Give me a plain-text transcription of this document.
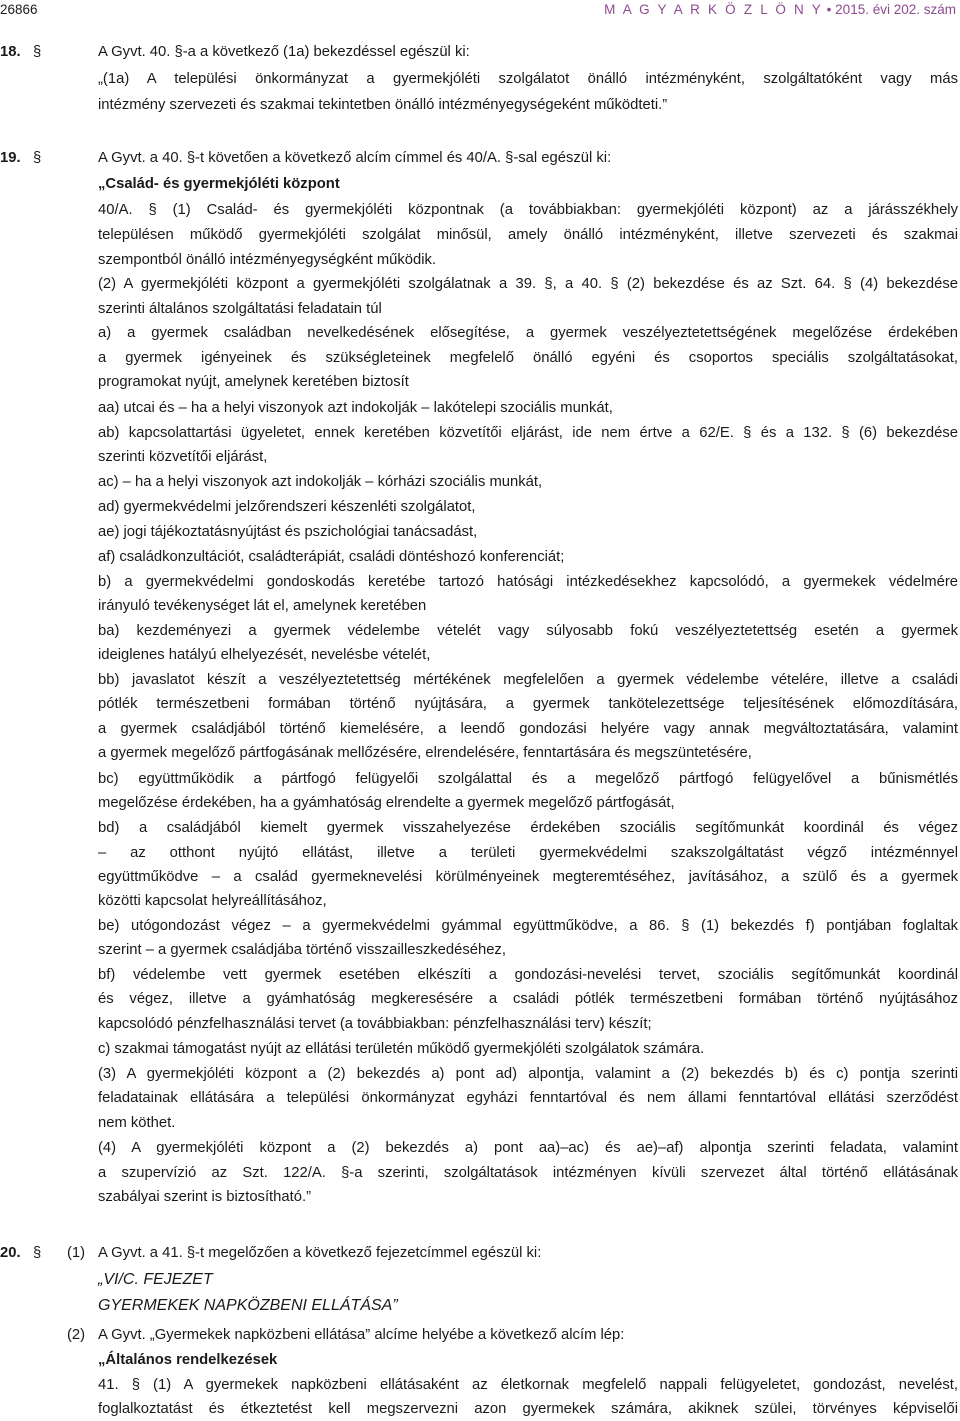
26866	M A G Y A R K Ö Z L Ö N Y • 2015. évi 202. szám
18. §
19. §
20. § (1)
(2)
A Gyvt. 40. §-a a következő (1a) bekezdéssel egészül ki:
„(1a) A települési önkormányzat a gyermekjóléti szolgálatot önálló intézményként, szolgáltatóként vagy más
intézmény szervezeti és szakmai tekintetben önálló intézményegységeként működteti.”
A Gyvt. a 40. §-t követően a következő alcím címmel és 40/A. §-sal egészül ki:
„Család- és gyermekjóléti központ
40/A. § (1) Család- és gyermekjóléti központnak (a továbbiakban: gyermekjóléti központ) az a járásszékhely
településen működő gyermekjóléti szolgálat minősül, amely önálló intézményként, illetve szervezeti és szakmai
szempontból önálló intézményegységként működik.
(2) A gyermekjóléti központ a gyermekjóléti szolgálatnak a 39. §, a 40. § (2) bekezdése és az Szt. 64. § (4) bekezdése
szerinti általános szolgáltatási feladatain túl
a) a gyermek családban nevelkedésének elősegítése, a gyermek veszélyeztetettségének megelőzése érdekében
a gyermek igényeinek és szükségleteinek megfelelő önálló egyéni és csoportos speciális szolgáltatásokat,
programokat nyújt, amelynek keretében biztosít
aa) utcai és – ha a helyi viszonyok azt indokolják – lakótelepi szociális munkát,
ab) kapcsolattartási ügyeletet, ennek keretében közvetítői eljárást, ide nem értve a 62/E. § és a 132. § (6) bekezdése
szerinti közvetítői eljárást,
ac) – ha a helyi viszonyok azt indokolják – kórházi szociális munkát,
ad) gyermekvédelmi jelzőrendszeri készenléti szolgálatot,
ae) jogi tájékoztatásnyújtást és pszichológiai tanácsadást,
af) családkonzultációt, családterápiát, családi döntéshozó konferenciát;
b) a gyermekvédelmi gondoskodás keretébe tartozó hatósági intézkedésekhez kapcsolódó, a gyermekek védelmére
irányuló tevékenységet lát el, amelynek keretében
ba) kezdeményezi a gyermek védelembe vételét vagy súlyosabb fokú veszélyeztetettség esetén a gyermek
ideiglenes hatályú elhelyezését, nevelésbe vételét,
bb) javaslatot készít a veszélyeztetettség mértékének megfelelően a gyermek védelembe vételére, illetve a családi
pótlék természetbeni formában történő nyújtására, a gyermek tankötelezettsége teljesítésének előmozdítására,
a gyermek családjából történő kiemelésére, a leendő gondozási helyére vagy annak megváltoztatására, valamint
a gyermek megelőző pártfogásának mellőzésére, elrendelésére, fenntartására és megszüntetésére,
bc) együttműködik a pártfogó felügyelői szolgálattal és a megelőző pártfogó felügyelővel a bűnismétlés
megelőzése érdekében, ha a gyámhatóság elrendelte a gyermek megelőző pártfogását,
bd) a családjából kiemelt gyermek visszahelyezése érdekében szociális segítőmunkát koordinál és végez
– az otthont nyújtó ellátást, illetve a területi gyermekvédelmi szakszolgáltatást végző intézménnyel
együttműködve – a család gyermeknevelési körülményeinek megteremtéséhez, javításához, a szülő és a gyermek
közötti kapcsolat helyreállításához,
be) utógondozást végez – a gyermekvédelmi gyámmal együttműködve, a 86. § (1) bekezdés f) pontjában foglaltak
szerint – a gyermek családjába történő visszailleszkedéséhez,
bf) védelembe vett gyermek esetében elkészíti a gondozási-nevelési tervet, szociális segítőmunkát koordinál
és végez, illetve a gyámhatóság megkeresésére a családi pótlék természetbeni formában történő nyújtásához
kapcsolódó pénzfelhasználási tervet (a továbbiakban: pénzfelhasználási terv) készít;
c) szakmai támogatást nyújt az ellátási területén működő gyermekjóléti szolgálatok számára.
(3) A gyermekjóléti központ a (2) bekezdés a) pont ad) alpontja, valamint a (2) bekezdés b) és c) pontja szerinti
feladatainak ellátására a települési önkormányzat egyházi fenntartóval és nem állami fenntartóval ellátási szerződést
nem köthet.
(4) A gyermekjóléti központ a (2) bekezdés a) pont aa)–ac) és ae)–af) alpontja szerinti feladata, valamint
a szupervízió az Szt. 122/A. §-a szerinti, szolgáltatások intézményen kívüli szervezet által történő ellátásának
szabályai szerint is biztosítható.”
A Gyvt. a 41. §-t megelőzően a következő fejezetcímmel egészül ki:
„VI/C. FEJEZET
GYERMEKEK NAPKÖZBENI ELLÁTÁSA”
A Gyvt. „Gyermekek napközbeni ellátása” alcíme helyébe a következő alcím lép:
„Általános rendelkezések
41. § (1) A gyermekek napközbeni ellátásaként az életkornak megfelelő nappali felügyeletet, gondozást, nevelést,
foglalkoztatást és étkeztetést kell megszervezni azon gyermekek számára, akiknek szülei, törvényes képviselői
